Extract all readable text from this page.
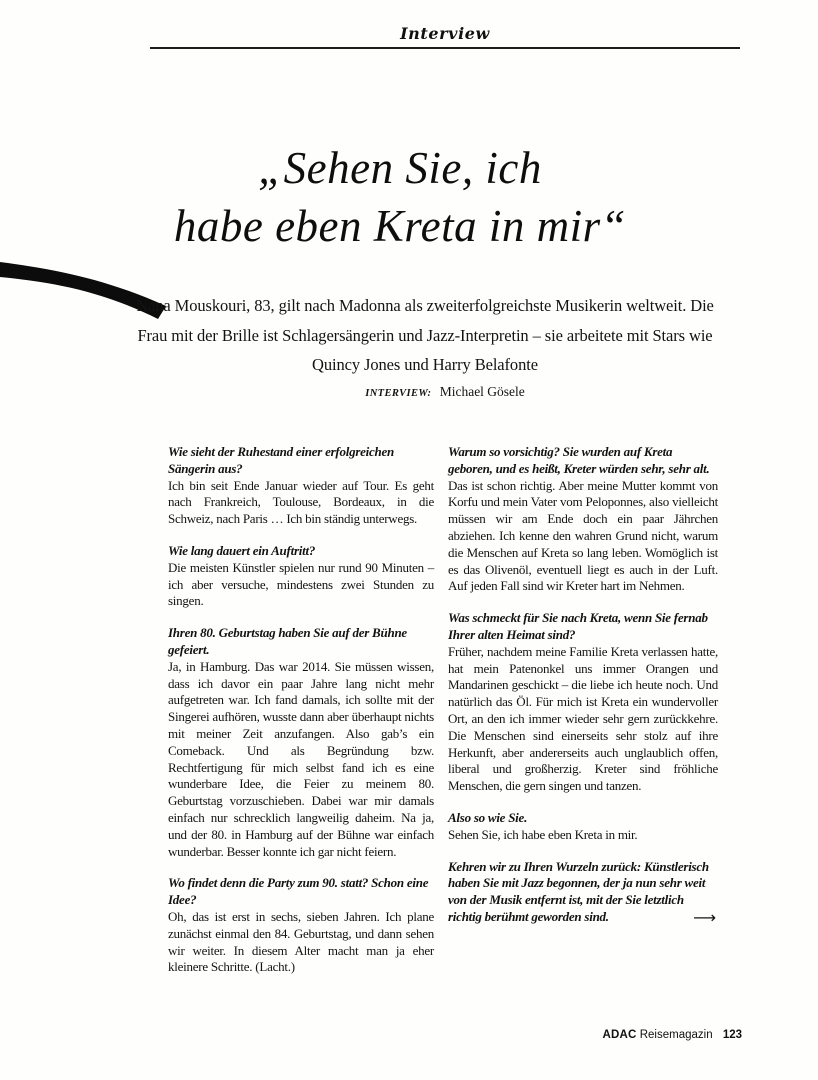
Interview
„Sehen Sie, ich
habe eben Kreta in mir“
Nana Mouskouri, 83, gilt nach Madonna als zweiterfolgreichste Musikerin weltweit. Die Frau mit der Brille ist Schlagersängerin und Jazz-Interpretin – sie arbeitete mit Stars wie Quincy Jones und Harry Belafonte
INTERVIEW: Michael Gösele

Wie sieht der Ruhestand einer erfolgreichen Sängerin aus?

Ich bin seit Ende Januar wieder auf Tour. Es geht nach Frankreich, Toulouse, Bordeaux, in die Schweiz, nach Paris … Ich bin ständig unterwegs.

Wie lang dauert ein Auftritt?

Die meisten Künstler spielen nur rund 90 Minuten – ich aber versuche, mindestens zwei Stunden zu singen.

Ihren 80. Geburtstag haben Sie auf der Bühne gefeiert.

Ja, in Hamburg. Das war 2014. Sie müssen wissen, dass ich davor ein paar Jahre lang nicht mehr aufgetreten war. Ich fand damals, ich sollte mit der Singerei aufhören, wusste dann aber überhaupt nichts mit meiner Zeit anzufangen. Also gab’s ein Comeback. Und als Begründung bzw. Rechtfertigung für mich selbst fand ich es eine wunderbare Idee, die Feier zu meinem 80. Geburtstag vorzuschieben. Dabei war mir damals einfach nur schrecklich langweilig daheim. Na ja, und der 80. in Hamburg auf der Bühne war einfach wunderbar. Besser konnte ich gar nicht feiern.

Wo findet denn die Party zum 90. statt? Schon eine Idee?

Oh, das ist erst in sechs, sieben Jahren. Ich plane zunächst einmal den 84. Geburtstag, und dann sehen wir weiter. In diesem Alter macht man ja eher kleinere Schritte. (Lacht.)

Warum so vorsichtig? Sie wurden auf Kreta geboren, und es heißt, Kreter würden sehr, sehr alt.

Das ist schon richtig. Aber meine Mutter kommt von Korfu und mein Vater vom Peloponnes, also vielleicht müssen wir am Ende doch ein paar Jährchen abziehen. Ich kenne den wahren Grund nicht, warum die Menschen auf Kreta so lang leben. Womöglich ist es das Olivenöl, eventuell liegt es auch in der Luft. Auf jeden Fall sind wir Kreter hart im Nehmen.

Was schmeckt für Sie nach Kreta, wenn Sie fernab Ihrer alten Heimat sind?

Früher, nachdem meine Familie Kreta verlassen hatte, hat mein Patenonkel uns immer Orangen und Mandarinen geschickt – die liebe ich heute noch. Und natürlich das Öl. Für mich ist Kreta ein wundervoller Ort, an den ich immer wieder sehr gern zurückkehre. Die Menschen sind einerseits sehr stolz auf ihre Herkunft, aber andererseits auch unglaublich offen, liberal und großherzig. Kreter sind fröhliche Menschen, die gern singen und tanzen.

Also so wie Sie.

Sehen Sie, ich habe eben Kreta in mir.

Kehren wir zu Ihren Wurzeln zurück: Künstlerisch haben Sie mit Jazz begonnen, der ja nun sehr weit von der Musik entfernt ist, mit der Sie letztlich richtig berühmt geworden sind.	⟶
ADAC Reisemagazin 123
